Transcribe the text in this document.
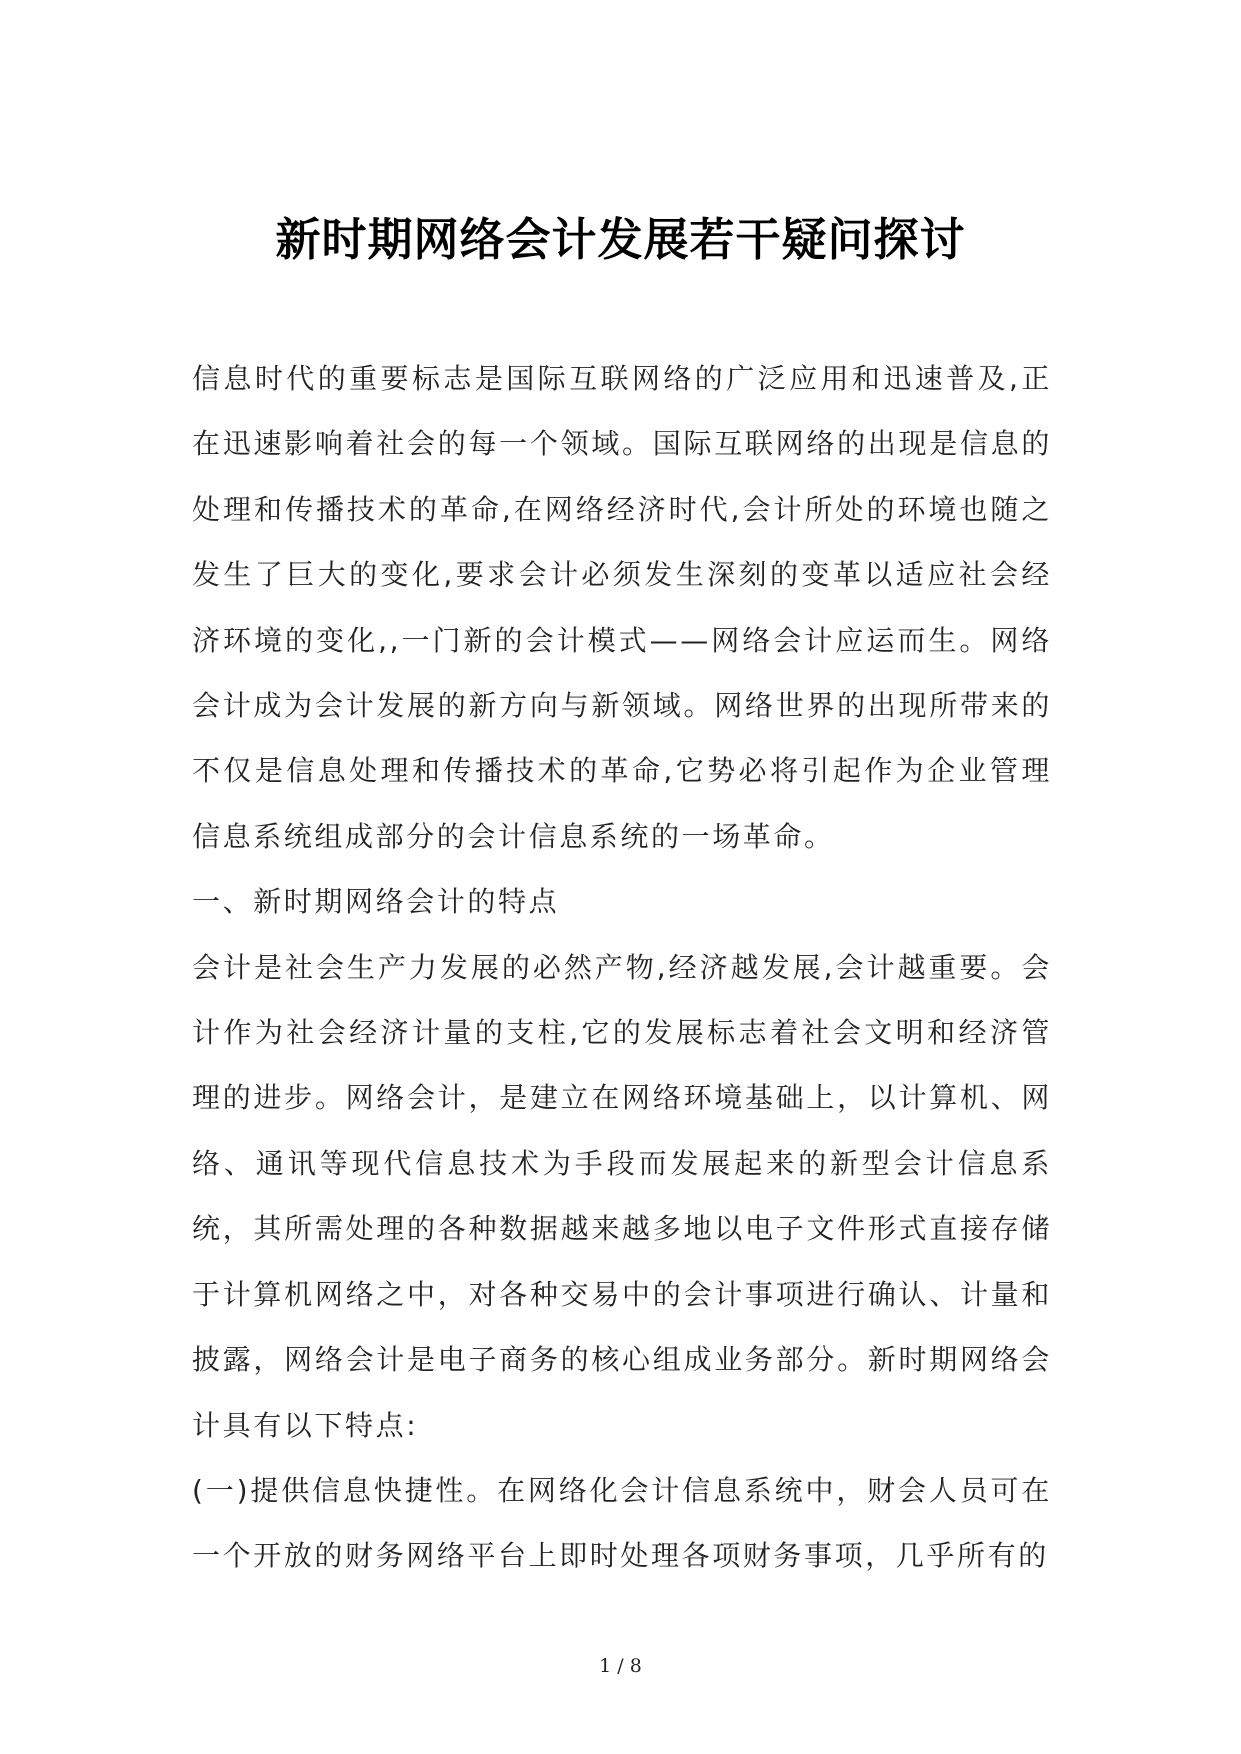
新时期网络会计发展若干疑问探讨

信息时代的重要标志是国际互联网络的广泛应用和迅速普及,正在迅速影响着社会的每一个领域。国际互联网络的出现是信息的处理和传播技术的革命,在网络经济时代,会计所处的环境也随之发生了巨大的变化,要求会计必须发生深刻的变革以适应社会经济环境的变化,,一门新的会计模式——网络会计应运而生。网络会计成为会计发展的新方向与新领域。网络世界的出现所带来的不仅是信息处理和传播技术的革命,它势必将引起作为企业管理信息系统组成部分的会计信息系统的一场革命。

一、新时期网络会计的特点

会计是社会生产力发展的必然产物,经济越发展,会计越重要。会计作为社会经济计量的支柱,它的发展标志着社会文明和经济管理的进步。网络会计，是建立在网络环境基础上，以计算机、网络、通讯等现代信息技术为手段而发展起来的新型会计信息系统，其所需处理的各种数据越来越多地以电子文件形式直接存储于计算机网络之中，对各种交易中的会计事项进行确认、计量和披露，网络会计是电子商务的核心组成业务部分。新时期网络会计具有以下特点:

(一)提供信息快捷性。在网络化会计信息系统中，财会人员可在一个开放的财务网络平台上即时处理各项财务事项，几乎所有的

1 / 8
